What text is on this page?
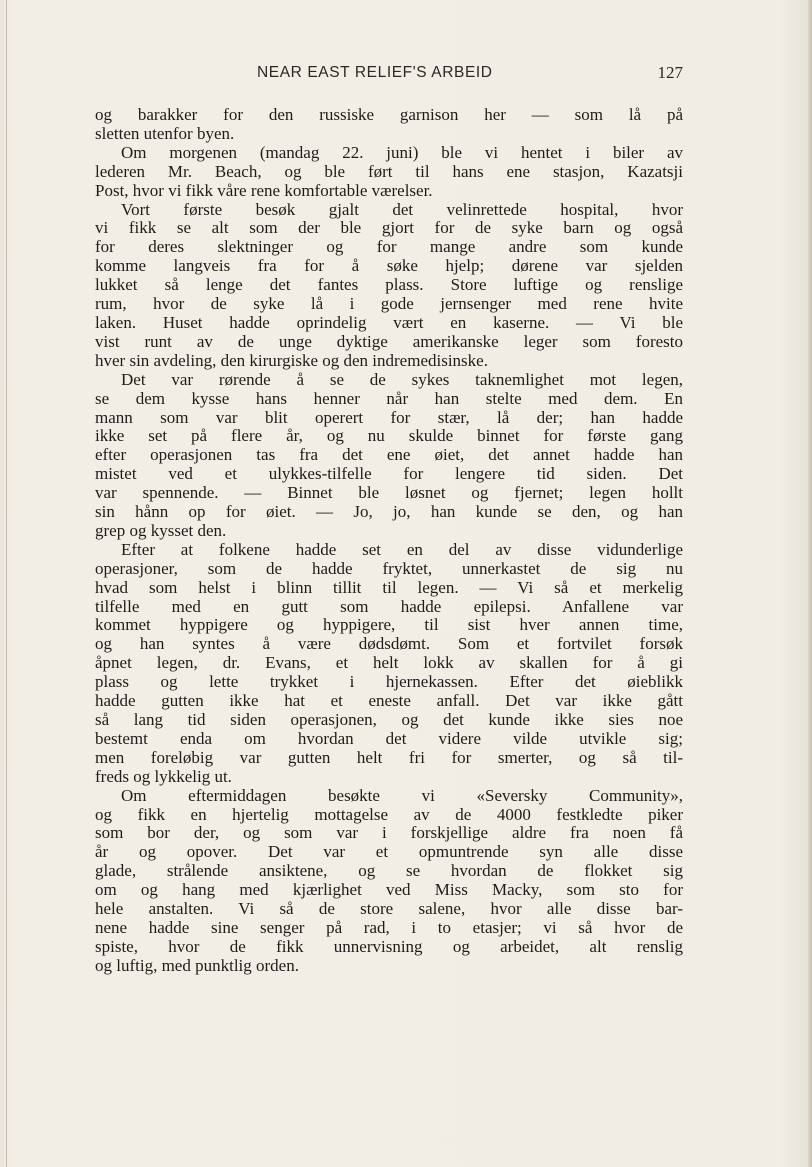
NEAR EAST RELIEF'S ARBEID	127
og barakker for den russiske garnison her — som lå på
sletten utenfor byen.
Om morgenen (mandag 22. juni) ble vi hentet i biler av
lederen Mr. Beach, og ble ført til hans ene stasjon, Kazatsji
Post, hvor vi fikk våre rene komfortable værelser.
Vort første besøk gjalt det velinrettede hospital, hvor
vi fikk se alt som der ble gjort for de syke barn og også
for deres slektninger og for mange andre som kunde
komme langveis fra for å søke hjelp; dørene var sjelden
lukket så lenge det fantes plass. Store luftige og renslige
rum, hvor de syke lå i gode jernsenger med rene hvite
laken. Huset hadde oprindelig vært en kaserne. — Vi ble
vist runt av de unge dyktige amerikanske leger som foresto
hver sin avdeling, den kirurgiske og den indremedisinske.
Det var rørende å se de sykes taknemlighet mot legen,
se dem kysse hans henner når han stelte med dem. En
mann som var blit operert for stær, lå der; han hadde
ikke set på flere år, og nu skulde binnet for første gang
efter operasjonen tas fra det ene øiet, det annet hadde han
mistet ved et ulykkes-tilfelle for lengere tid siden. Det
var spennende. — Binnet ble løsnet og fjernet; legen hollt
sin hånn op for øiet. — Jo, jo, han kunde se den, og han
grep og kysset den.
Efter at folkene hadde set en del av disse vidunderlige
operasjoner, som de hadde fryktet, unnerkastet de sig nu
hvad som helst i blinn tillit til legen. — Vi så et merkelig
tilfelle med en gutt som hadde epilepsi. Anfallene var
kommet hyppigere og hyppigere, til sist hver annen time,
og han syntes å være dødsdømt. Som et fortvilet forsøk
åpnet legen, dr. Evans, et helt lokk av skallen for å gi
plass og lette trykket i hjernekassen. Efter det øieblikk
hadde gutten ikke hat et eneste anfall. Det var ikke gått
så lang tid siden operasjonen, og det kunde ikke sies noe
bestemt enda om hvordan det videre vilde utvikle sig;
men foreløbig var gutten helt fri for smerter, og så til-
freds og lykkelig ut.
Om eftermiddagen besøkte vi «Seversky Community»,
og fikk en hjertelig mottagelse av de 4000 festkledte piker
som bor der, og som var i forskjellige aldre fra noen få
år og opover. Det var et opmuntrende syn alle disse
glade, strålende ansiktene, og se hvordan de flokket sig
om og hang med kjærlighet ved Miss Macky, som sto for
hele anstalten. Vi så de store salene, hvor alle disse bar-
nene hadde sine senger på rad, i to etasjer; vi så hvor de
spiste, hvor de fikk unnervisning og arbeidet, alt renslig
og luftig, med punktlig orden.
